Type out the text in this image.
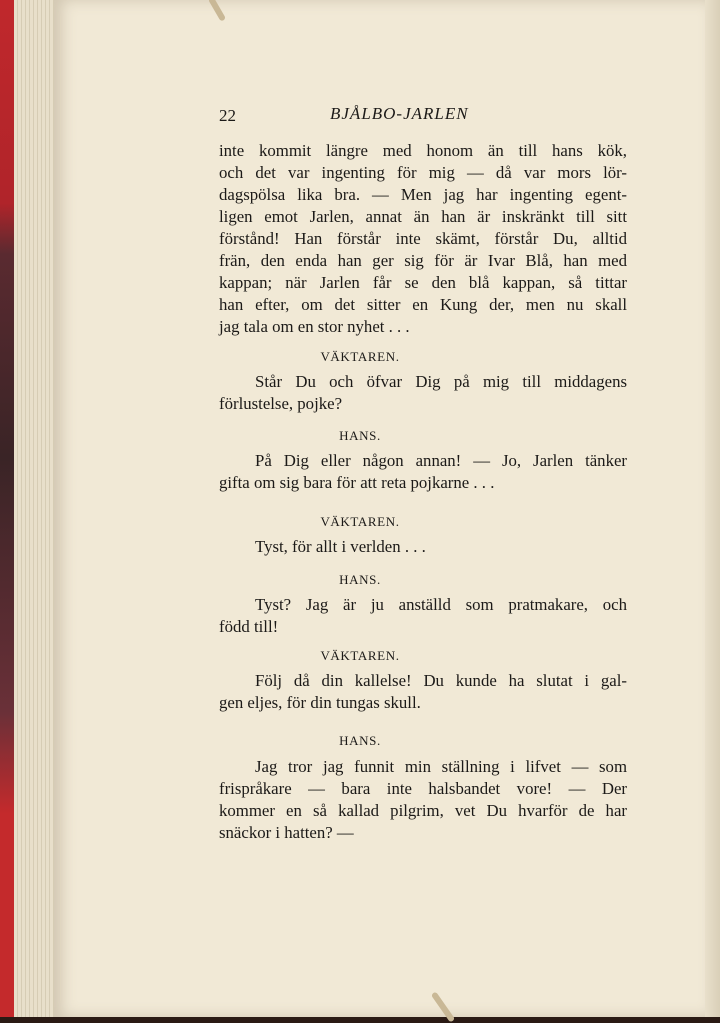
22	BJÅLBO-JARLEN
inte kommit längre med honom än till hans kök,
och det var ingenting för mig — då var mors lör-
dagspölsa lika bra. — Men jag har ingenting egent-
ligen emot Jarlen, annat än han är inskränkt till sitt
förstånd! Han förstår inte skämt, förstår Du, alltid
frän, den enda han ger sig för är Ivar Blå, han med
kappan; när Jarlen får se den blå kappan, så tittar
han efter, om det sitter en Kung der, men nu skall
jag tala om en stor nyhet . . .
VÄKTAREN.
Står Du och öfvar Dig på mig till middagens
förlustelse, pojke?
HANS.
På Dig eller någon annan! — Jo, Jarlen tänker
gifta om sig bara för att reta pojkarne . . .
VÄKTAREN.
Tyst, för allt i verlden . . .
HANS.
Tyst? Jag är ju anställd som pratmakare, och
född till!
VÄKTAREN.
Följ då din kallelse! Du kunde ha slutat i gal-
gen eljes, för din tungas skull.
HANS.
Jag tror jag funnit min ställning i lifvet — som
frispråkare — bara inte halsbandet vore! — Der
kommer en så kallad pilgrim, vet Du hvarför de har
snäckor i hatten? —
